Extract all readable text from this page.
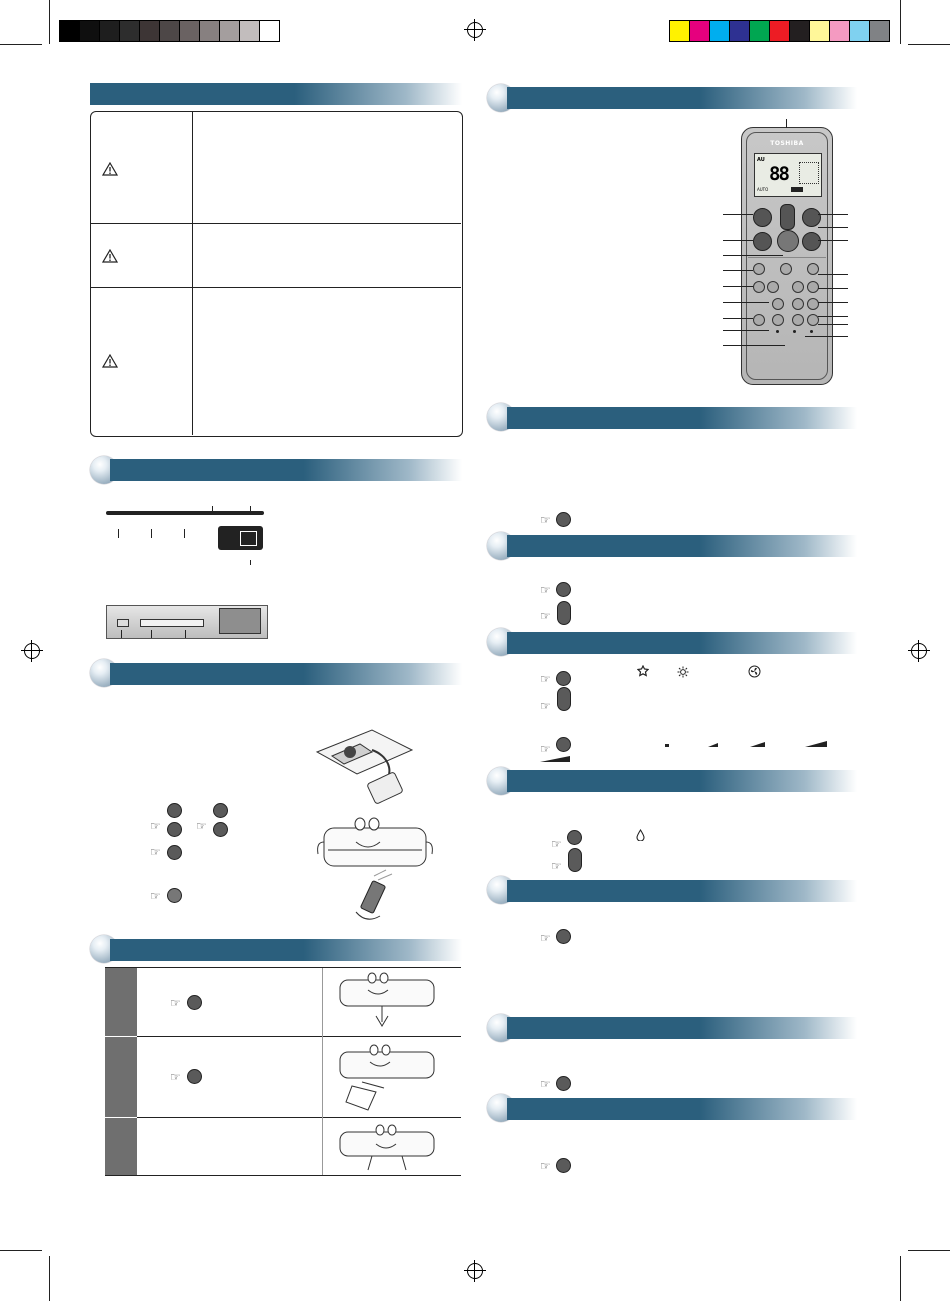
☞	☞
☞
☞
☞
☞
TOSHIBA
AU
88
AUTO
☞
☞
☞
☞
☞
☞
☞
☞
☞
☞
☞
